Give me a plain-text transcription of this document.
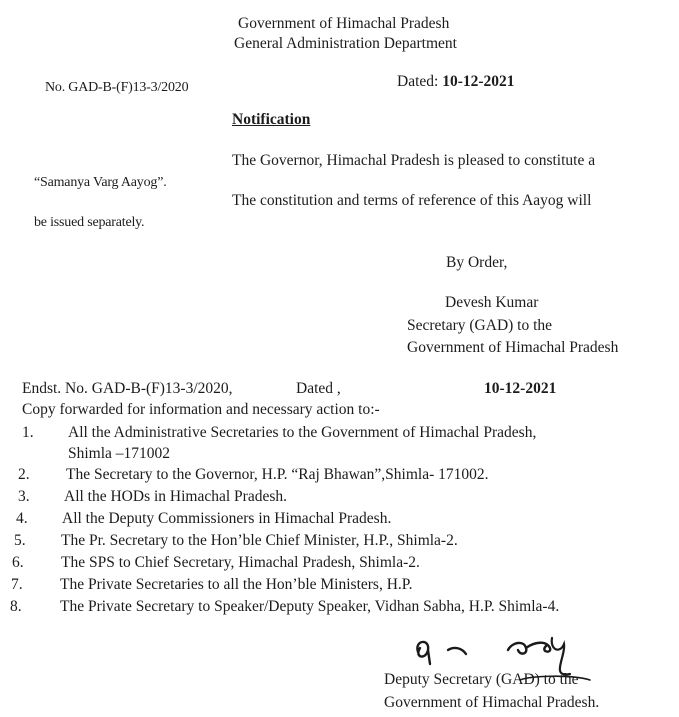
Government of Himachal Pradesh
General Administration Department
No. GAD-B-(F)13-3/2020	Dated: 10-12-2021
Notification
The Governor, Himachal Pradesh is pleased to constitute a
“Samanya Varg Aayog”.
The constitution and terms of reference of this Aayog will
be issued separately.
By Order,
Devesh Kumar
Secretary (GAD) to the
Government of Himachal Pradesh
Endst. No. GAD-B-(F)13-3/2020,	Dated ,	10-12-2021
Copy forwarded for information and necessary action to:-
1. All the Administrative Secretaries to the Government of Himachal Pradesh,
Shimla –171002
2. The Secretary to the Governor, H.P. “Raj Bhawan”,Shimla- 171002.
3. All the HODs in Himachal Pradesh.
4. All the Deputy Commissioners in Himachal Pradesh.
5. The Pr. Secretary to the Hon’ble Chief Minister, H.P., Shimla-2.
6. The SPS to Chief Secretary, Himachal Pradesh, Shimla-2.
7. The Private Secretaries to all the Hon’ble Ministers, H.P.
8. The Private Secretary to Speaker/Deputy Speaker, Vidhan Sabha, H.P. Shimla-4.
Deputy Secretary (GAD) to the
Government of Himachal Pradesh.
